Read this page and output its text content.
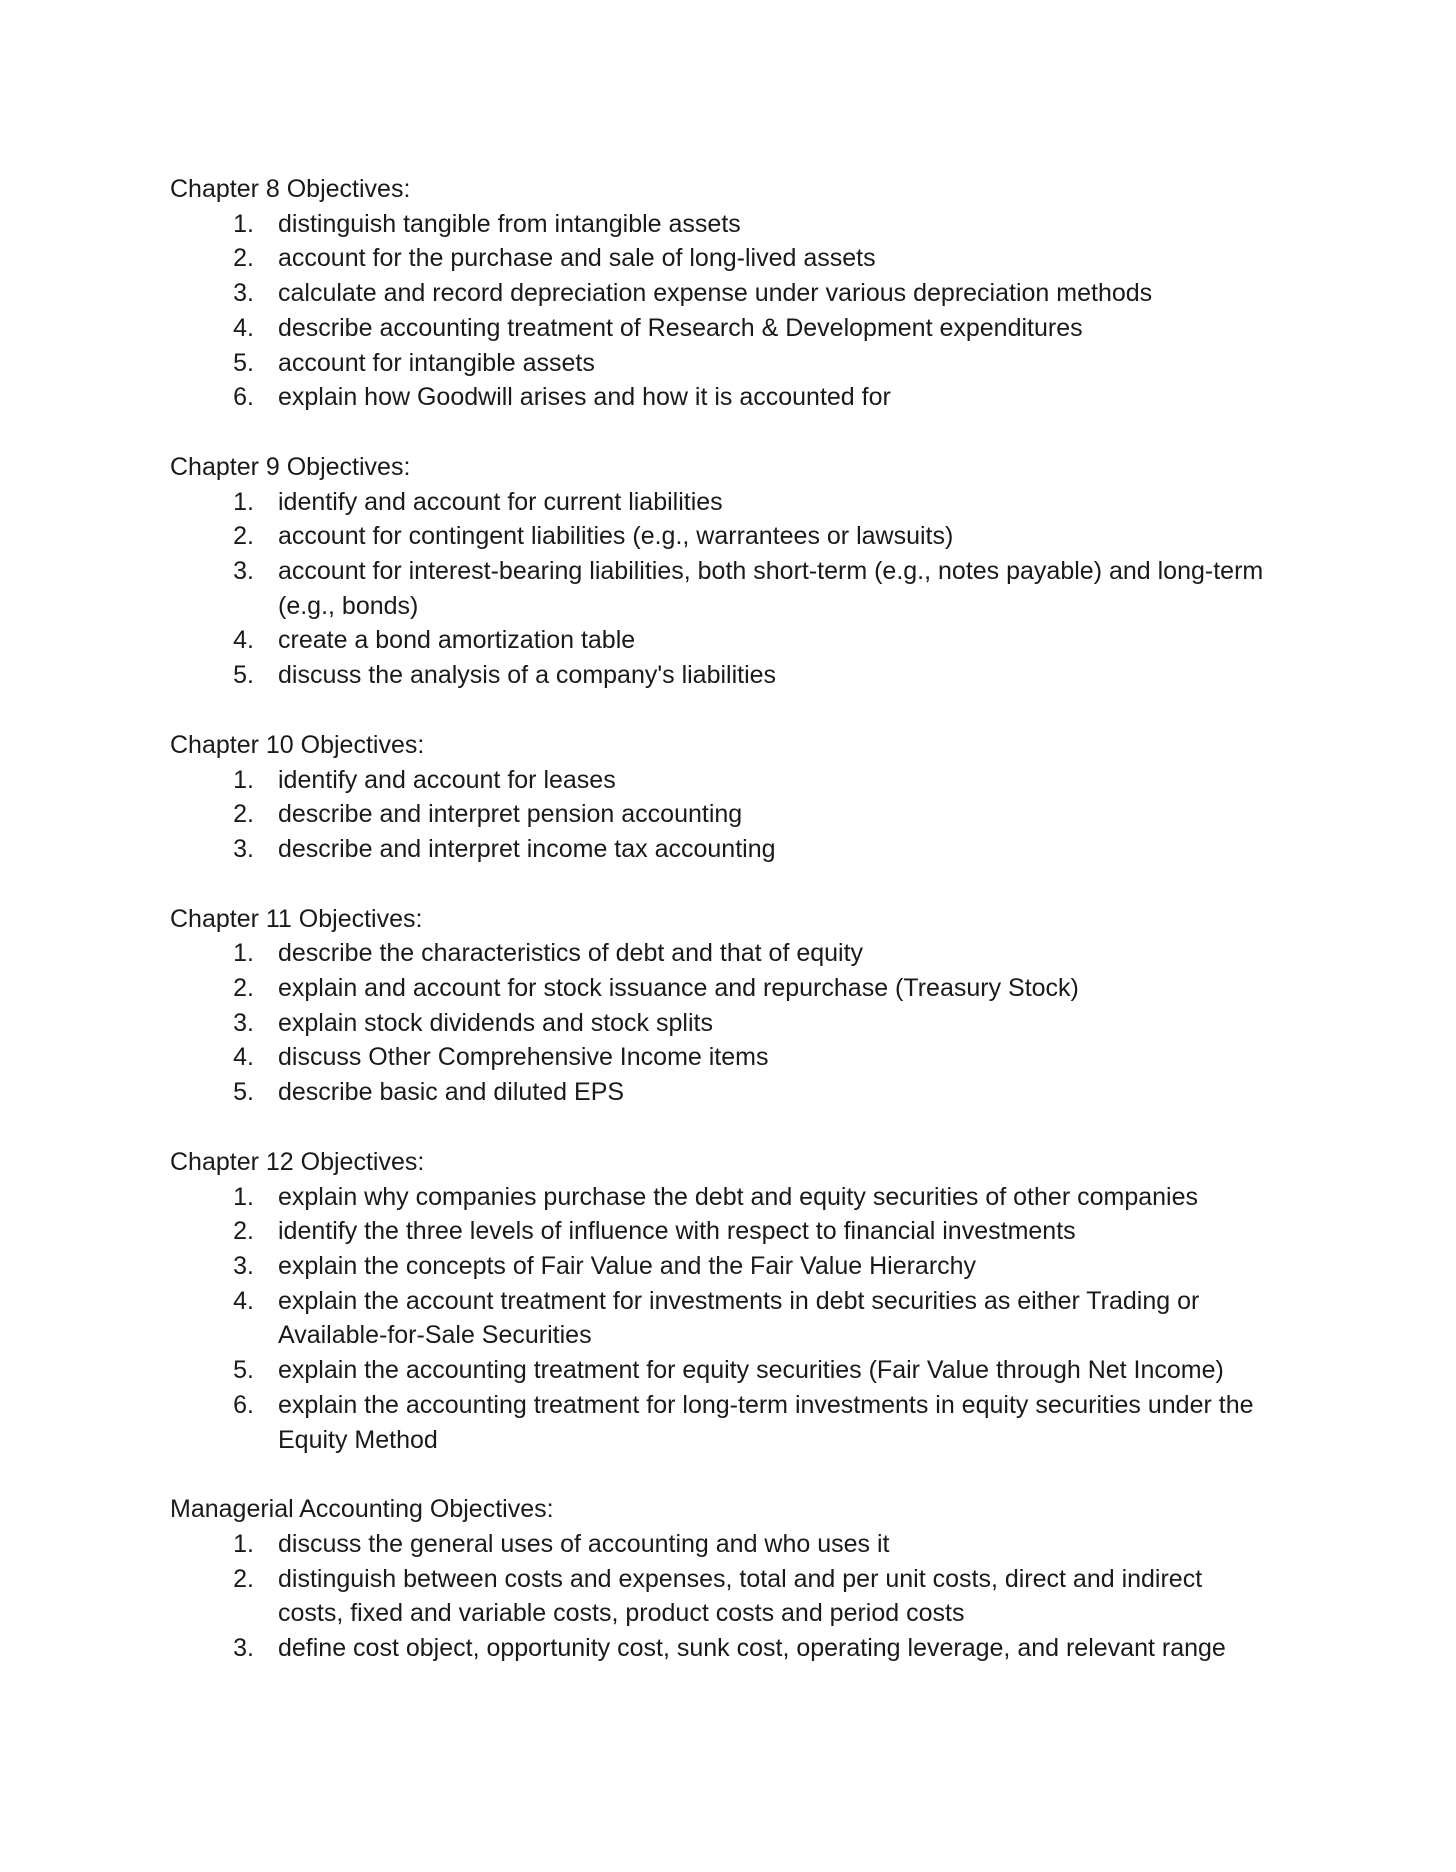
Chapter 8 Objectives:

1. distinguish tangible from intangible assets
2. account for the purchase and sale of long-lived assets
3. calculate and record depreciation expense under various depreciation methods
4. describe accounting treatment of Research & Development expenditures
5. account for intangible assets
6. explain how Goodwill arises and how it is accounted for

Chapter 9 Objectives:

1. identify and account for current liabilities
2. account for contingent liabilities (e.g., warrantees or lawsuits)
3. account for interest-bearing liabilities, both short-term (e.g., notes payable) and long-term (e.g., bonds)
4. create a bond amortization table
5. discuss the analysis of a company's liabilities

Chapter 10 Objectives:

1. identify and account for leases
2. describe and interpret pension accounting
3. describe and interpret income tax accounting

Chapter 11 Objectives:

1. describe the characteristics of debt and that of equity
2. explain and account for stock issuance and repurchase (Treasury Stock)
3. explain stock dividends and stock splits
4. discuss Other Comprehensive Income items
5. describe basic and diluted EPS

Chapter 12 Objectives:

1. explain why companies purchase the debt and equity securities of other companies
2. identify the three levels of influence with respect to financial investments
3. explain the concepts of Fair Value and the Fair Value Hierarchy
4. explain the account treatment for investments in debt securities as either Trading or Available-for-Sale Securities
5. explain the accounting treatment for equity securities (Fair Value through Net Income)
6. explain the accounting treatment for long-term investments in equity securities under the Equity Method

Managerial Accounting Objectives:

1. discuss the general uses of accounting and who uses it
2. distinguish between costs and expenses, total and per unit costs, direct and indirect costs, fixed and variable costs, product costs and period costs
3. define cost object, opportunity cost, sunk cost, operating leverage, and relevant range
